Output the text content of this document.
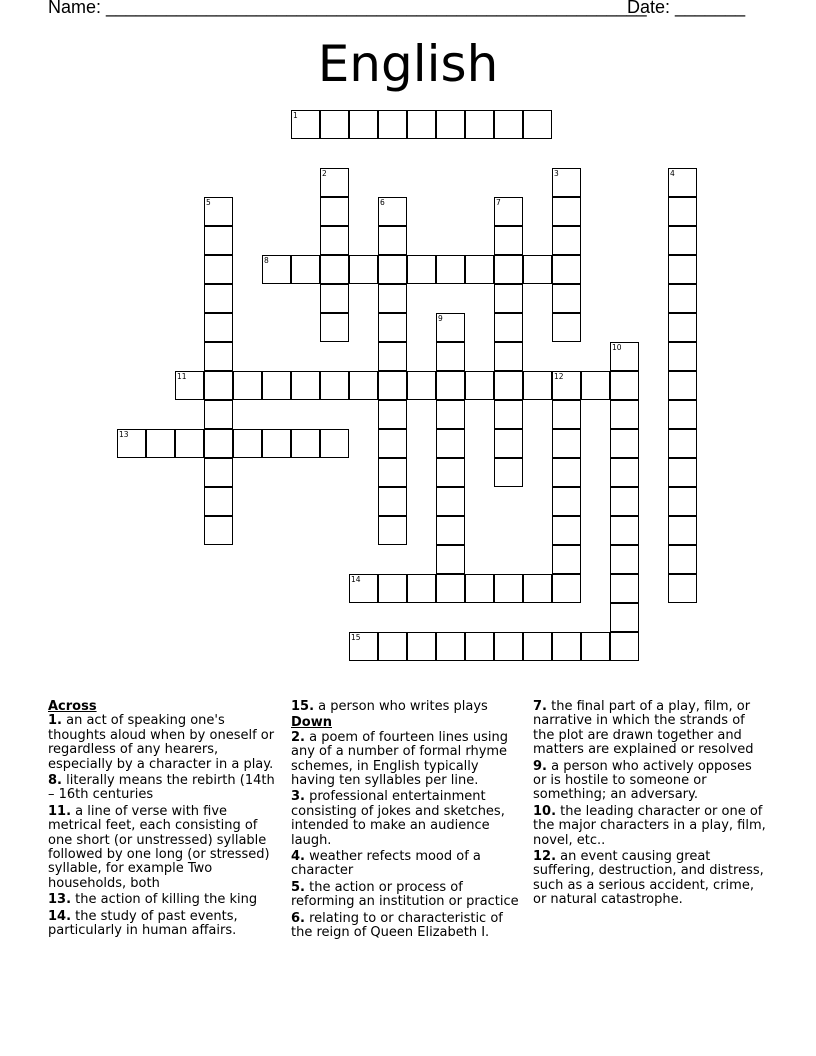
Name: ______________________________________________________
Date: _______
English
1
2	3	4
5	6	7
8
9
10
11	12
13
14
15
Across
1. an act of speaking one's thoughts aloud when by oneself or regardless of any hearers, especially by a character in a play.
8. literally means the rebirth (14th – 16th centuries
11. a line of verse with five metrical feet, each consisting of one short (or unstressed) syllable followed by one long (or stressed) syllable, for example Two households, both
13. the action of killing the king
14. the study of past events, particularly in human affairs.
15. a person who writes plays
Down
2. a poem of fourteen lines using any of a number of formal rhyme schemes, in English typically having ten syllables per line.
3. professional entertainment consisting of jokes and sketches, intended to make an audience laugh.
4. weather refects mood of a character
5. the action or process of reforming an institution or practice
6. relating to or characteristic of the reign of Queen Elizabeth I.
7. the final part of a play, film, or narrative in which the strands of the plot are drawn together and matters are explained or resolved
9. a person who actively opposes or is hostile to someone or something; an adversary.
10. the leading character or one of the major characters in a play, film, novel, etc..
12. an event causing great suffering, destruction, and distress, such as a serious accident, crime, or natural catastrophe.
